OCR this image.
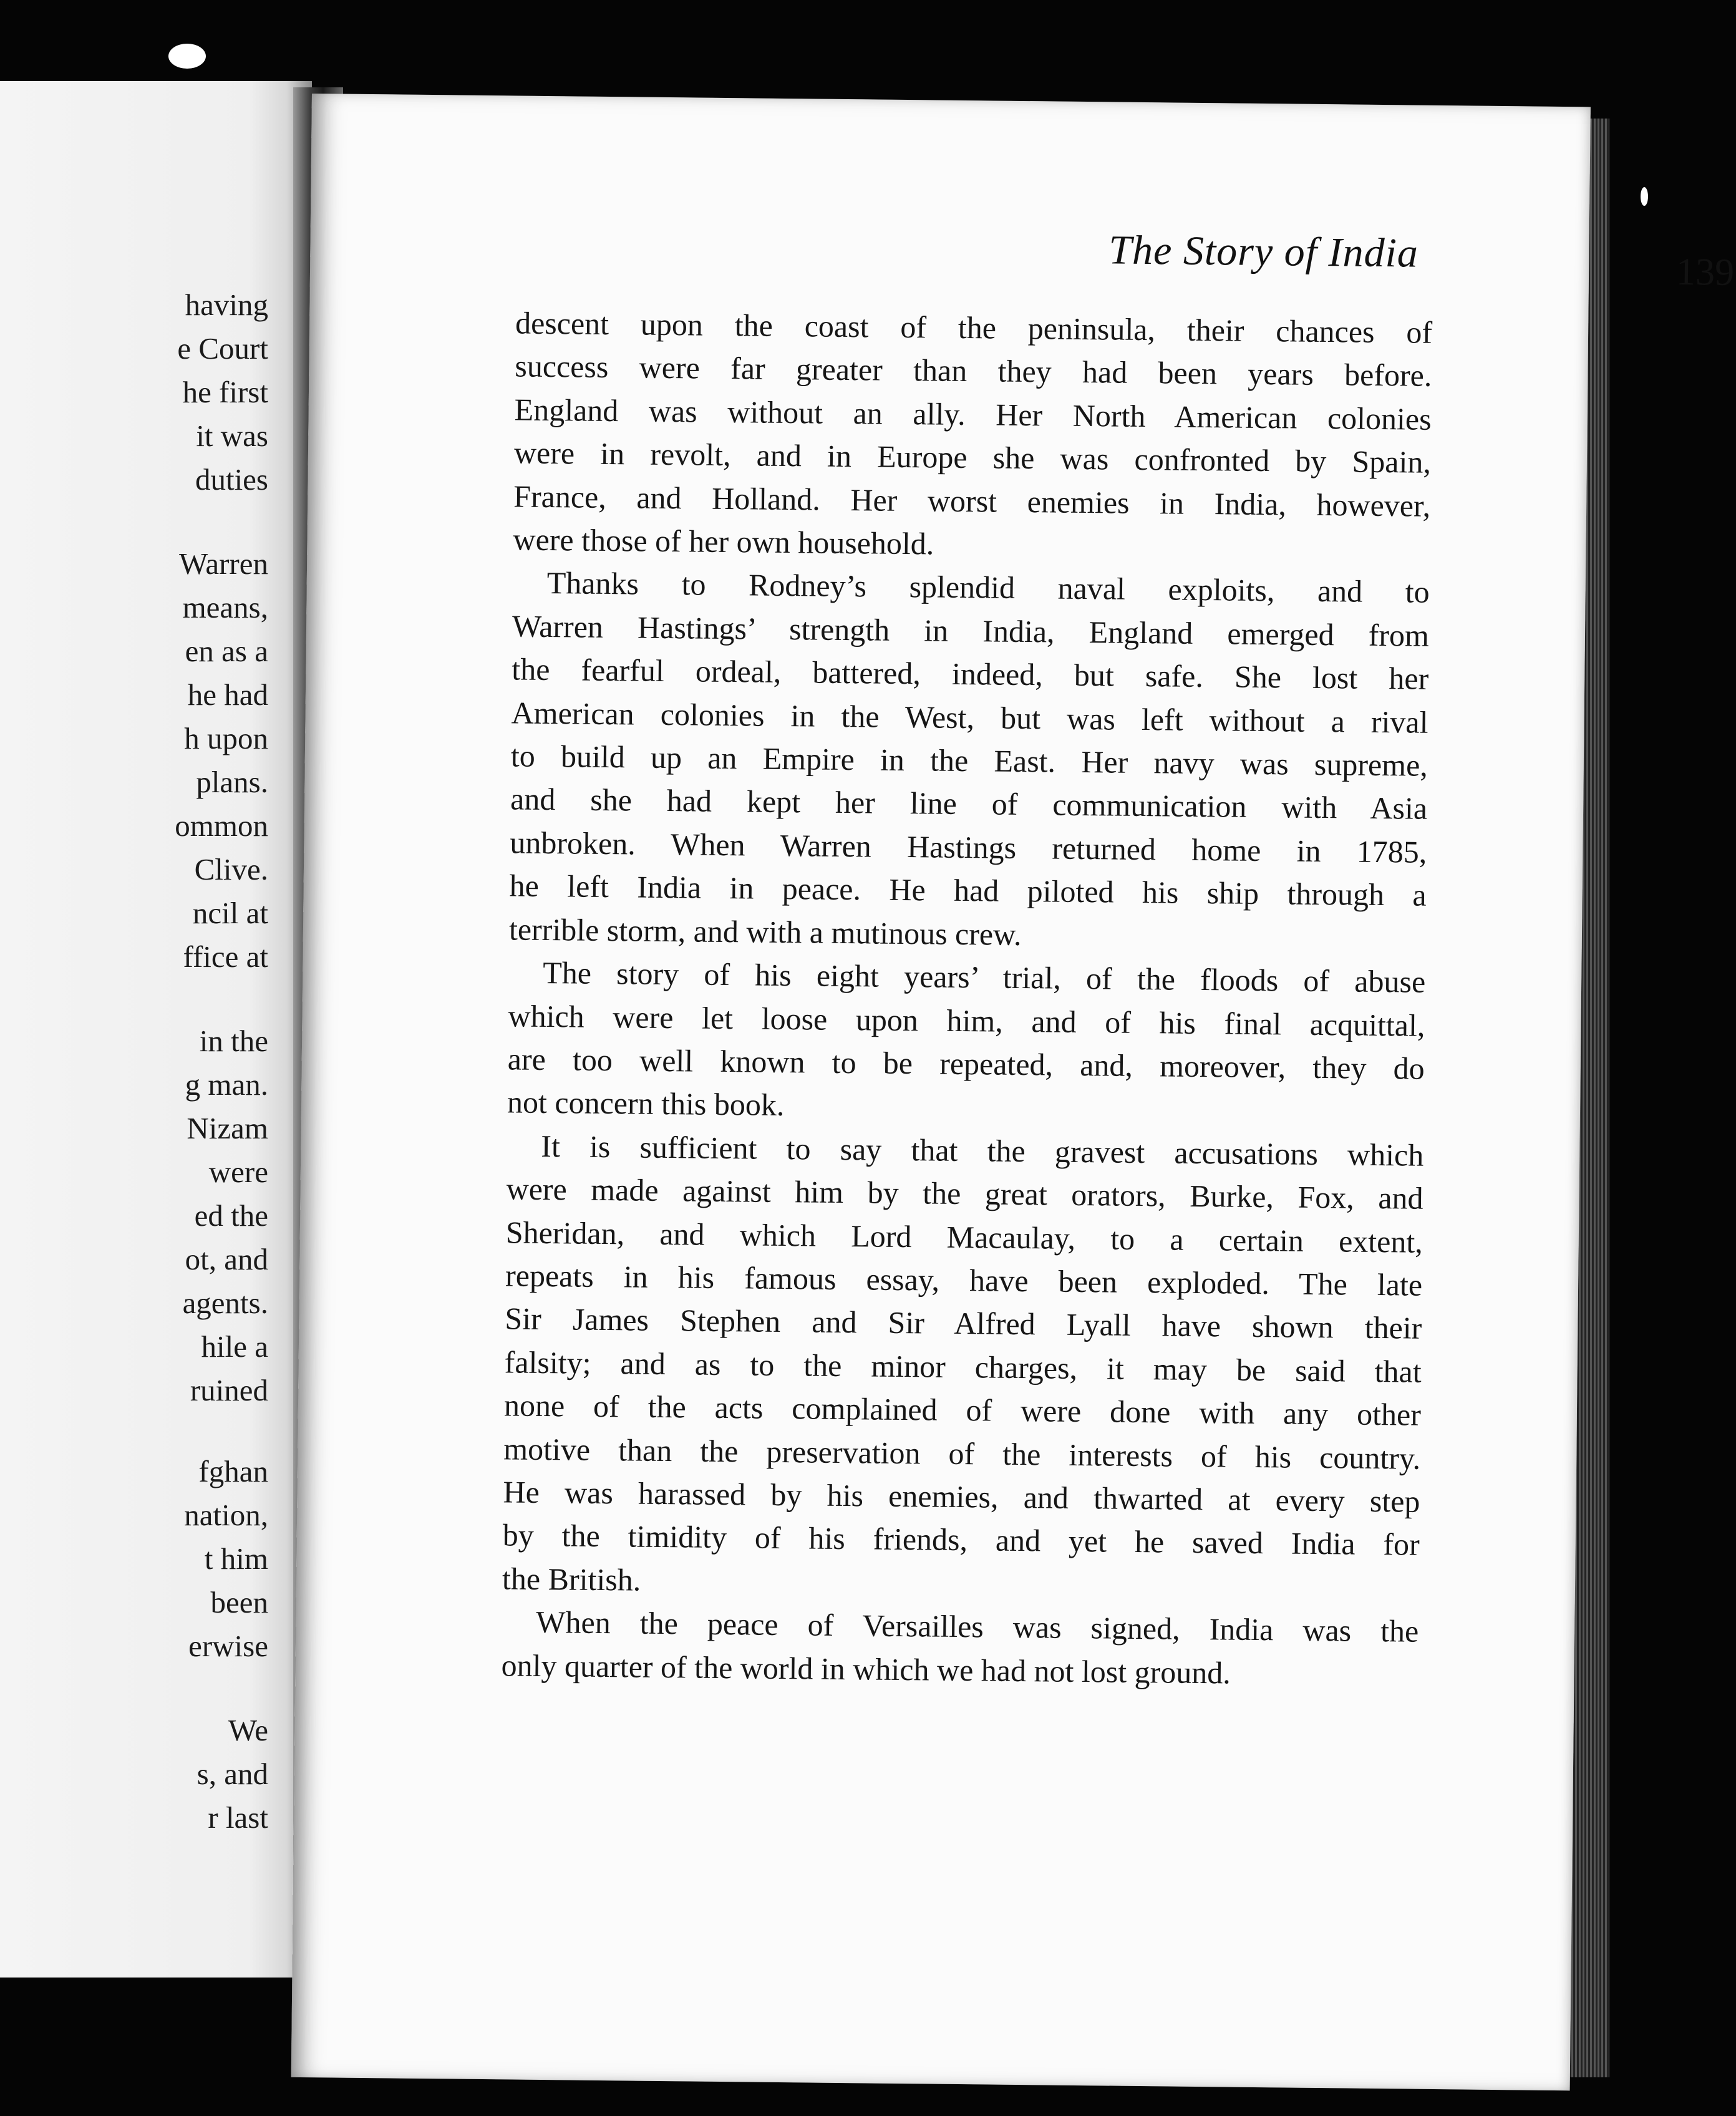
having
e Court
he first
it was
duties
Warren
means,
en as a
he had
h upon
plans.
ommon
Clive.
ncil at
ffice at
in the
g man.
Nizam
were
ed the
ot, and
agents.
hile a
ruined
fghan
nation,
t him
been
erwise
We
s, and
r last
The Story of India	139
descent upon the coast of the peninsula, their chances of
success were far greater than they had been years before.
England was without an ally. Her North American colonies
were in revolt, and in Europe she was confronted by Spain,
France, and Holland. Her worst enemies in India, however,
were those of her own household.
Thanks to Rodney’s splendid naval exploits, and to
Warren Hastings’ strength in India, England emerged from
the fearful ordeal, battered, indeed, but safe. She lost her
American colonies in the West, but was left without a rival
to build up an Empire in the East. Her navy was supreme,
and she had kept her line of communication with Asia
unbroken. When Warren Hastings returned home in 1785,
he left India in peace. He had piloted his ship through a
terrible storm, and with a mutinous crew.
The story of his eight years’ trial, of the floods of abuse
which were let loose upon him, and of his final acquittal,
are too well known to be repeated, and, moreover, they do
not concern this book.
It is sufficient to say that the gravest accusations which
were made against him by the great orators, Burke, Fox, and
Sheridan, and which Lord Macaulay, to a certain extent,
repeats in his famous essay, have been exploded. The late
Sir James Stephen and Sir Alfred Lyall have shown their
falsity; and as to the minor charges, it may be said that
none of the acts complained of were done with any other
motive than the preservation of the interests of his country.
He was harassed by his enemies, and thwarted at every step
by the timidity of his friends, and yet he saved India for
the British.
When the peace of Versailles was signed, India was the
only quarter of the world in which we had not lost ground.
